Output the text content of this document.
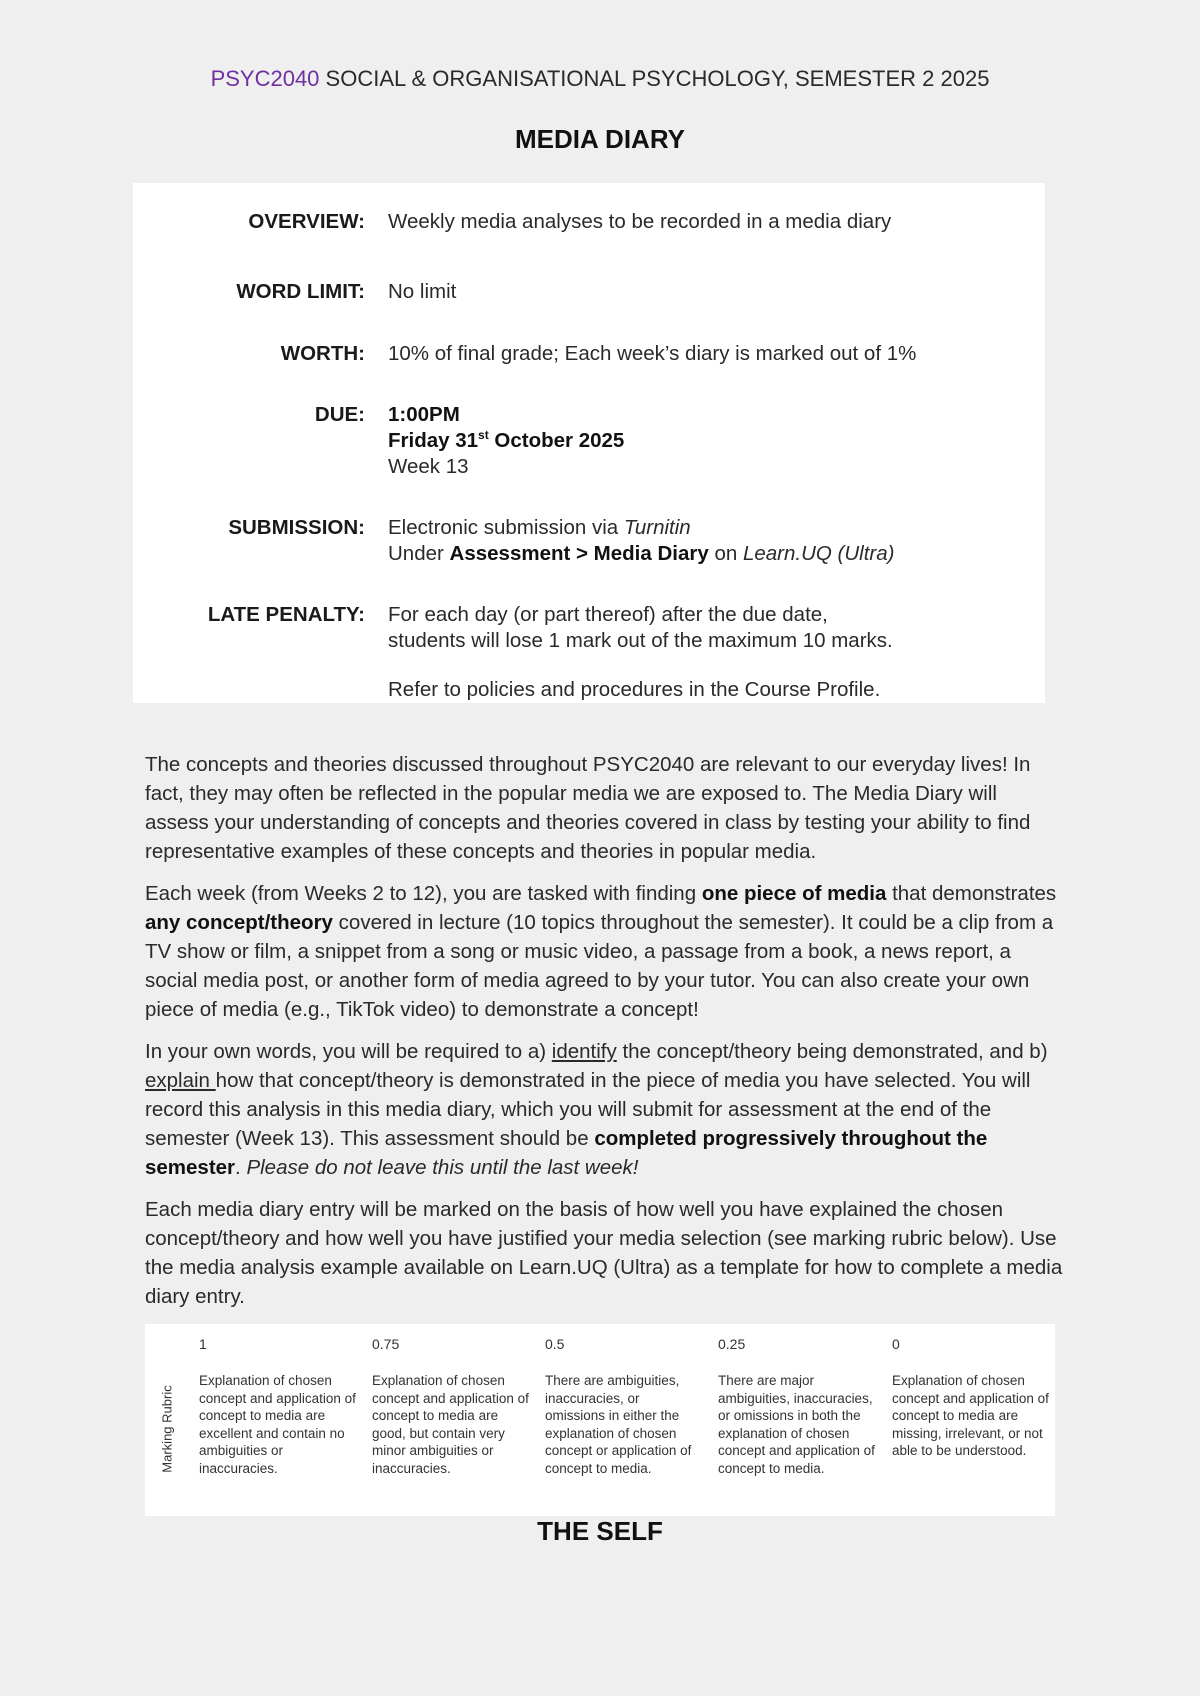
PSYC2040 SOCIAL & ORGANISATIONAL PSYCHOLOGY, SEMESTER 2 2025
MEDIA DIARY
OVERVIEW: Weekly media analyses to be recorded in a media diary
WORD LIMIT: No limit
WORTH: 10% of final grade; Each week’s diary is marked out of 1%
DUE: 1:00PM
Friday 31st October 2025
Week 13
SUBMISSION: Electronic submission via Turnitin
Under Assessment > Media Diary on Learn.UQ (Ultra)
LATE PENALTY: For each day (or part thereof) after the due date,
students will lose 1 mark out of the maximum 10 marks.
Refer to policies and procedures in the Course Profile.

The concepts and theories discussed throughout PSYC2040 are relevant to our everyday lives! In fact, they may often be reflected in the popular media we are exposed to. The Media Diary will assess your understanding of concepts and theories covered in class by testing your ability to find representative examples of these concepts and theories in popular media.

Each week (from Weeks 2 to 12), you are tasked with finding one piece of media that demonstrates any concept/theory covered in lecture (10 topics throughout the semester). It could be a clip from a TV show or film, a snippet from a song or music video, a passage from a book, a news report, a social media post, or another form of media agreed to by your tutor. You can also create your own piece of media (e.g., TikTok video) to demonstrate a concept!

In your own words, you will be required to a) identify the concept/theory being demonstrated, and b) explain how that concept/theory is demonstrated in the piece of media you have selected. You will record this analysis in this media diary, which you will submit for assessment at the end of the semester (Week 13). This assessment should be completed progressively throughout the semester. Please do not leave this until the last week!

Each media diary entry will be marked on the basis of how well you have explained the chosen concept/theory and how well you have justified your media selection (see marking rubric below). Use the media analysis example available on Learn.UQ (Ultra) as a template for how to complete a media diary entry.

Marking Rubric
1
Explanation of chosen concept and application of concept to media are excellent and contain no ambiguities or inaccuracies.
0.75
Explanation of chosen concept and application of concept to media are good, but contain very minor ambiguities or inaccuracies.
0.5
There are ambiguities, inaccuracies, or omissions in either the explanation of chosen concept or application of concept to media.
0.25
There are major ambiguities, inaccuracies, or omissions in both the explanation of chosen concept and application of concept to media.
0
Explanation of chosen concept and application of concept to media are missing, irrelevant, or not able to be understood.
THE SELF
